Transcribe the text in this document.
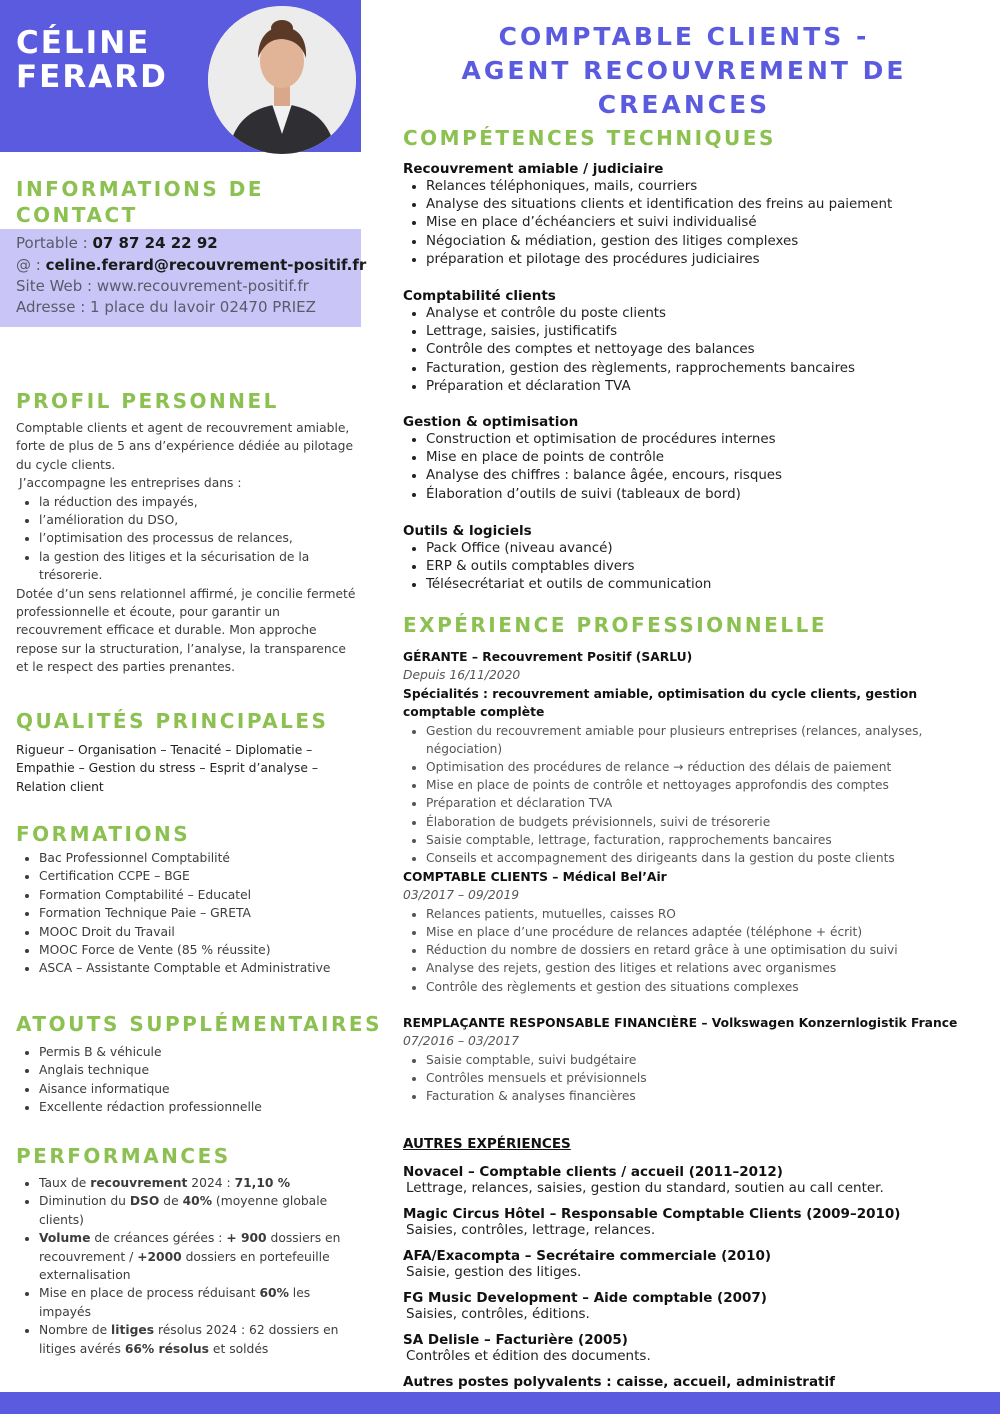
CÉLINE
FERARD
COMPTABLE CLIENTS -
AGENT RECOUVREMENT DE CREANCES
INFORMATIONS DE CONTACT
Portable : 07 87 24 22 92
@ : celine.ferard@recouvrement-positif.fr
Site Web : www.recouvrement-positif.fr
Adresse : 1 place du lavoir 02470 PRIEZ
PROFIL PERSONNEL
Comptable clients et agent de recouvrement amiable, forte de plus de 5 ans d’expérience dédiée au pilotage du cycle clients.
J’accompagne les entreprises dans :
• la réduction des impayés,
• l’amélioration du DSO,
• l’optimisation des processus de relances,
• la gestion des litiges et la sécurisation de la trésorerie.
Dotée d’un sens relationnel affirmé, je concilie fermeté professionnelle et écoute, pour garantir un recouvrement efficace et durable. Mon approche repose sur la structuration, l’analyse, la transparence et le respect des parties prenantes.
QUALITÉS PRINCIPALES
Rigueur – Organisation – Tenacité – Diplomatie – Empathie – Gestion du stress – Esprit d’analyse – Relation client
FORMATIONS
• Bac Professionnel Comptabilité
• Certification CCPE – BGE
• Formation Comptabilité – Educatel
• Formation Technique Paie – GRETA
• MOOC Droit du Travail
• MOOC Force de Vente (85 % réussite)
• ASCA – Assistante Comptable et Administrative
ATOUTS SUPPLÉMENTAIRES
• Permis B & véhicule
• Anglais technique
• Aisance informatique
• Excellente rédaction professionnelle
PERFORMANCES
• Taux de recouvrement 2024 : 71,10 %
• Diminution du DSO de 40% (moyenne globale clients)
• Volume de créances gérées : + 900 dossiers en recouvrement / +2000 dossiers en portefeuille externalisation
• Mise en place de process réduisant 60% les impayés
• Nombre de litiges résolus 2024 : 62 dossiers en litiges avérés 66% résolus et soldés
COMPÉTENCES TECHNIQUES
Recouvrement amiable / judiciaire
• Relances téléphoniques, mails, courriers
• Analyse des situations clients et identification des freins au paiement
• Mise en place d’échéanciers et suivi individualisé
• Négociation & médiation, gestion des litiges complexes
• préparation et pilotage des procédures judiciaires
Comptabilité clients
• Analyse et contrôle du poste clients
• Lettrage, saisies, justificatifs
• Contrôle des comptes et nettoyage des balances
• Facturation, gestion des règlements, rapprochements bancaires
• Préparation et déclaration TVA
Gestion & optimisation
• Construction et optimisation de procédures internes
• Mise en place de points de contrôle
• Analyse des chiffres : balance âgée, encours, risques
• Élaboration d’outils de suivi (tableaux de bord)
Outils & logiciels
• Pack Office (niveau avancé)
• ERP & outils comptables divers
• Télésecrétariat et outils de communication
EXPÉRIENCE PROFESSIONNELLE
GÉRANTE – Recouvrement Positif (SARLU)
Depuis 16/11/2020
Spécialités : recouvrement amiable, optimisation du cycle clients, gestion comptable complète
• Gestion du recouvrement amiable pour plusieurs entreprises (relances, analyses, négociation)
• Optimisation des procédures de relance → réduction des délais de paiement
• Mise en place de points de contrôle et nettoyages approfondis des comptes
• Préparation et déclaration TVA
• Élaboration de budgets prévisionnels, suivi de trésorerie
• Saisie comptable, lettrage, facturation, rapprochements bancaires
• Conseils et accompagnement des dirigeants dans la gestion du poste clients
COMPTABLE CLIENTS – Médical Bel’Air
03/2017 – 09/2019
• Relances patients, mutuelles, caisses RO
• Mise en place d’une procédure de relances adaptée (téléphone + écrit)
• Réduction du nombre de dossiers en retard grâce à une optimisation du suivi
• Analyse des rejets, gestion des litiges et relations avec organismes
• Contrôle des règlements et gestion des situations complexes
REMPLAÇANTE RESPONSABLE FINANCIÈRE – Volkswagen Konzernlogistik France
07/2016 – 03/2017
• Saisie comptable, suivi budgétaire
• Contrôles mensuels et prévisionnels
• Facturation & analyses financières
AUTRES EXPÉRIENCES
Novacel – Comptable clients / accueil (2011–2012)
Lettrage, relances, saisies, gestion du standard, soutien au call center.
Magic Circus Hôtel – Responsable Comptable Clients (2009–2010)
Saisies, contrôles, lettrage, relances.
AFA/Exacompta – Secrétaire commerciale (2010)
Saisie, gestion des litiges.
FG Music Development – Aide comptable (2007)
Saisies, contrôles, éditions.
SA Delisle – Facturière (2005)
Contrôles et édition des documents.
Autres postes polyvalents : caisse, accueil, administratif
